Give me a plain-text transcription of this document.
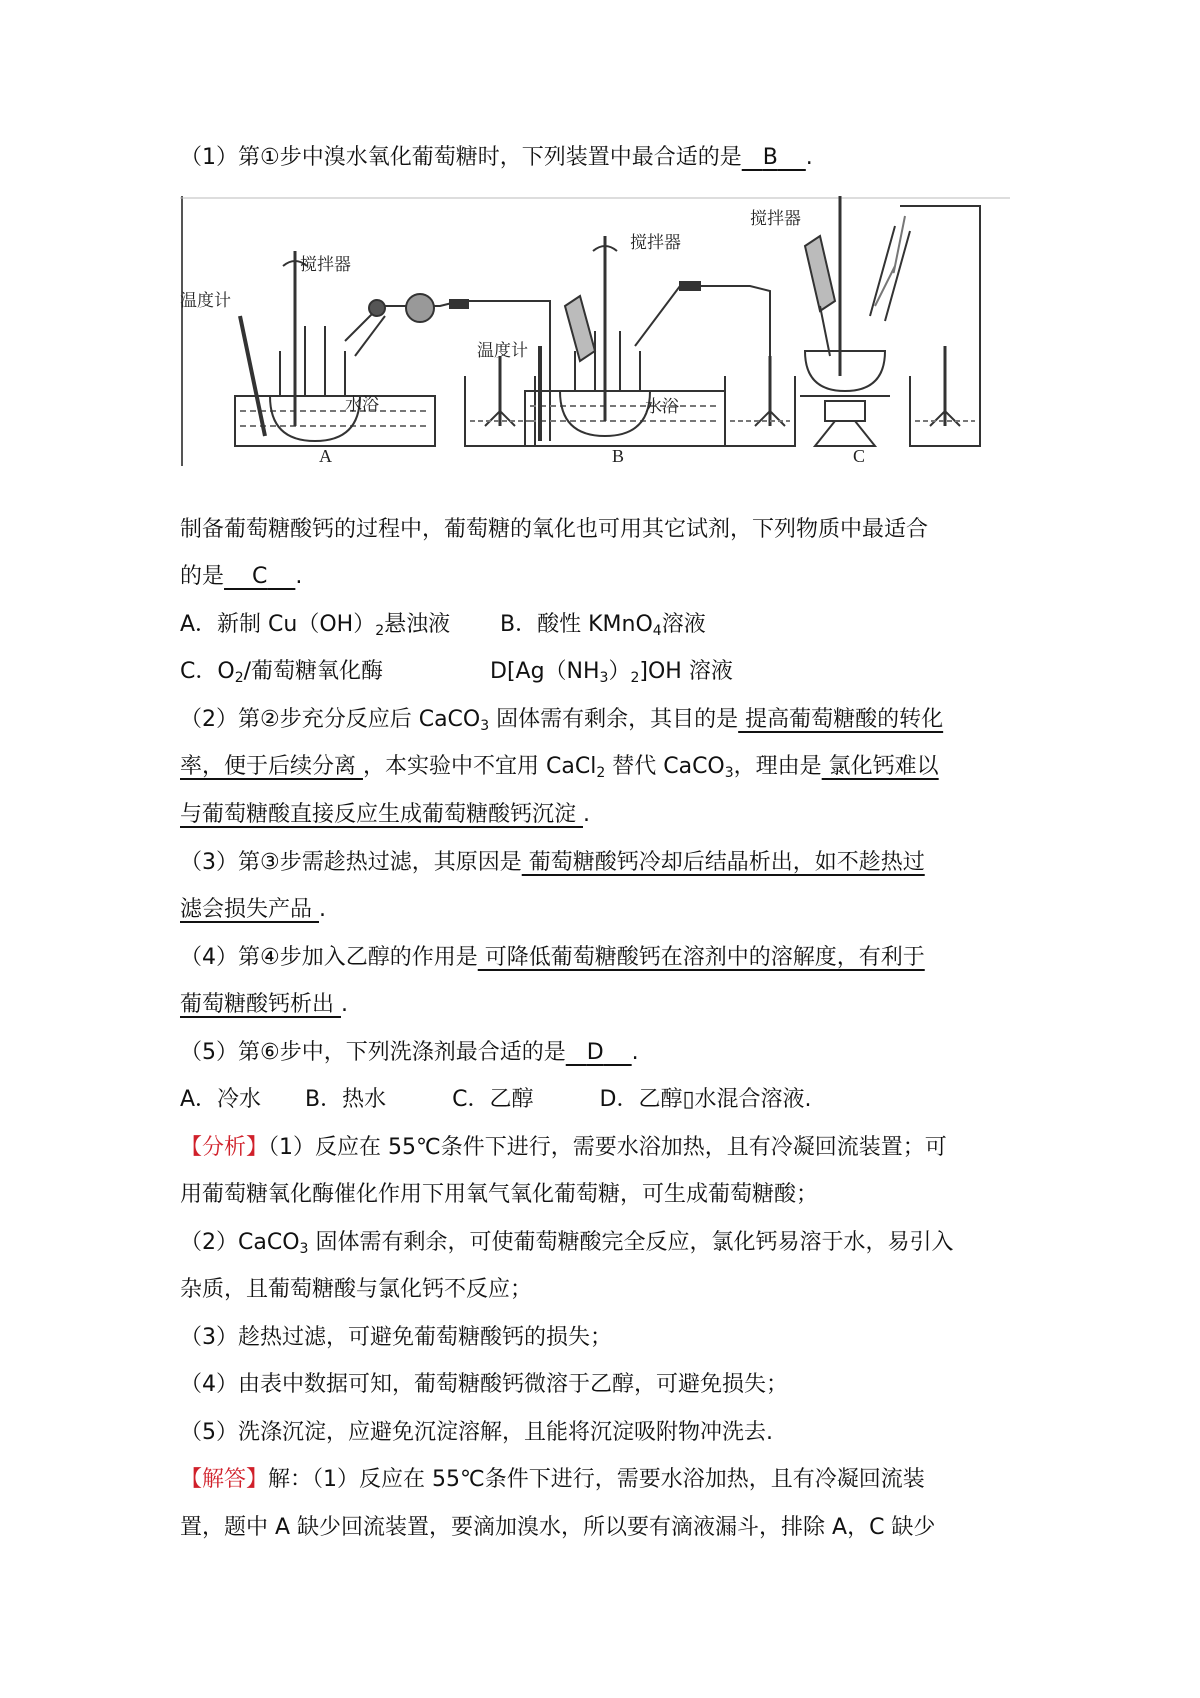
（1）第①步中溴水氧化葡萄糖时，下列装置中最合适的是 B .
搅拌器
温度计
水浴
搅拌器
温度计
水浴
搅拌器
A	B	C
制备葡萄糖酸钙的过程中，葡萄糖的氧化也可用其它试剂，下列物质中最适合
的是 C .
A．新制 $Cu(OH)_2$悬浊液 B．酸性 KMnO$_4$溶液
C．$O_2/$葡萄糖氧化酶	$D[Ag(NH_3)_2]OH$ 溶液
（2）第②步充分反应后 CaCO$_3$ 固体需有剩余，其目的是 提高葡萄糖酸的转化
率，便于后续分离 ，本实验中不宜用 CaCl$_2$ 替代 CaCO$_3$，理由是 氯化钙难以
与葡萄糖酸直接反应生成葡萄糖酸钙沉淀 .
（3）第③步需趁热过滤，其原因是 葡萄糖酸钙冷却后结晶析出，如不趁热过
滤会损失产品 .
（4）第④步加入乙醇的作用是 可降低葡萄糖酸钙在溶剂中的溶解度，有利于
葡萄糖酸钙析出 .
（5）第⑥步中，下列洗涤剂最合适的是 D .
A．冷水　　B．热水　　　C．乙醇　　　D．乙醇▯水混合溶液.
【分析】（1）反应在 55℃条件下进行，需要水浴加热，且有冷凝回流装置；可
用葡萄糖氧化酶催化作用下用氧气氧化葡萄糖，可生成葡萄糖酸；
（2）CaCO$_3$ 固体需有剩余，可使葡萄糖酸完全反应，氯化钙易溶于水，易引入
杂质，且葡萄糖酸与氯化钙不反应；
（3）趁热过滤，可避免葡萄糖酸钙的损失；
（4）由表中数据可知，葡萄糖酸钙微溶于乙醇，可避免损失；
（5）洗涤沉淀，应避免沉淀溶解，且能将沉淀吸附物冲洗去.
【解答】解：（1）反应在 55℃条件下进行，需要水浴加热，且有冷凝回流装
置，题中 A 缺少回流装置，要滴加溴水，所以要有滴液漏斗，排除 A，C 缺少
